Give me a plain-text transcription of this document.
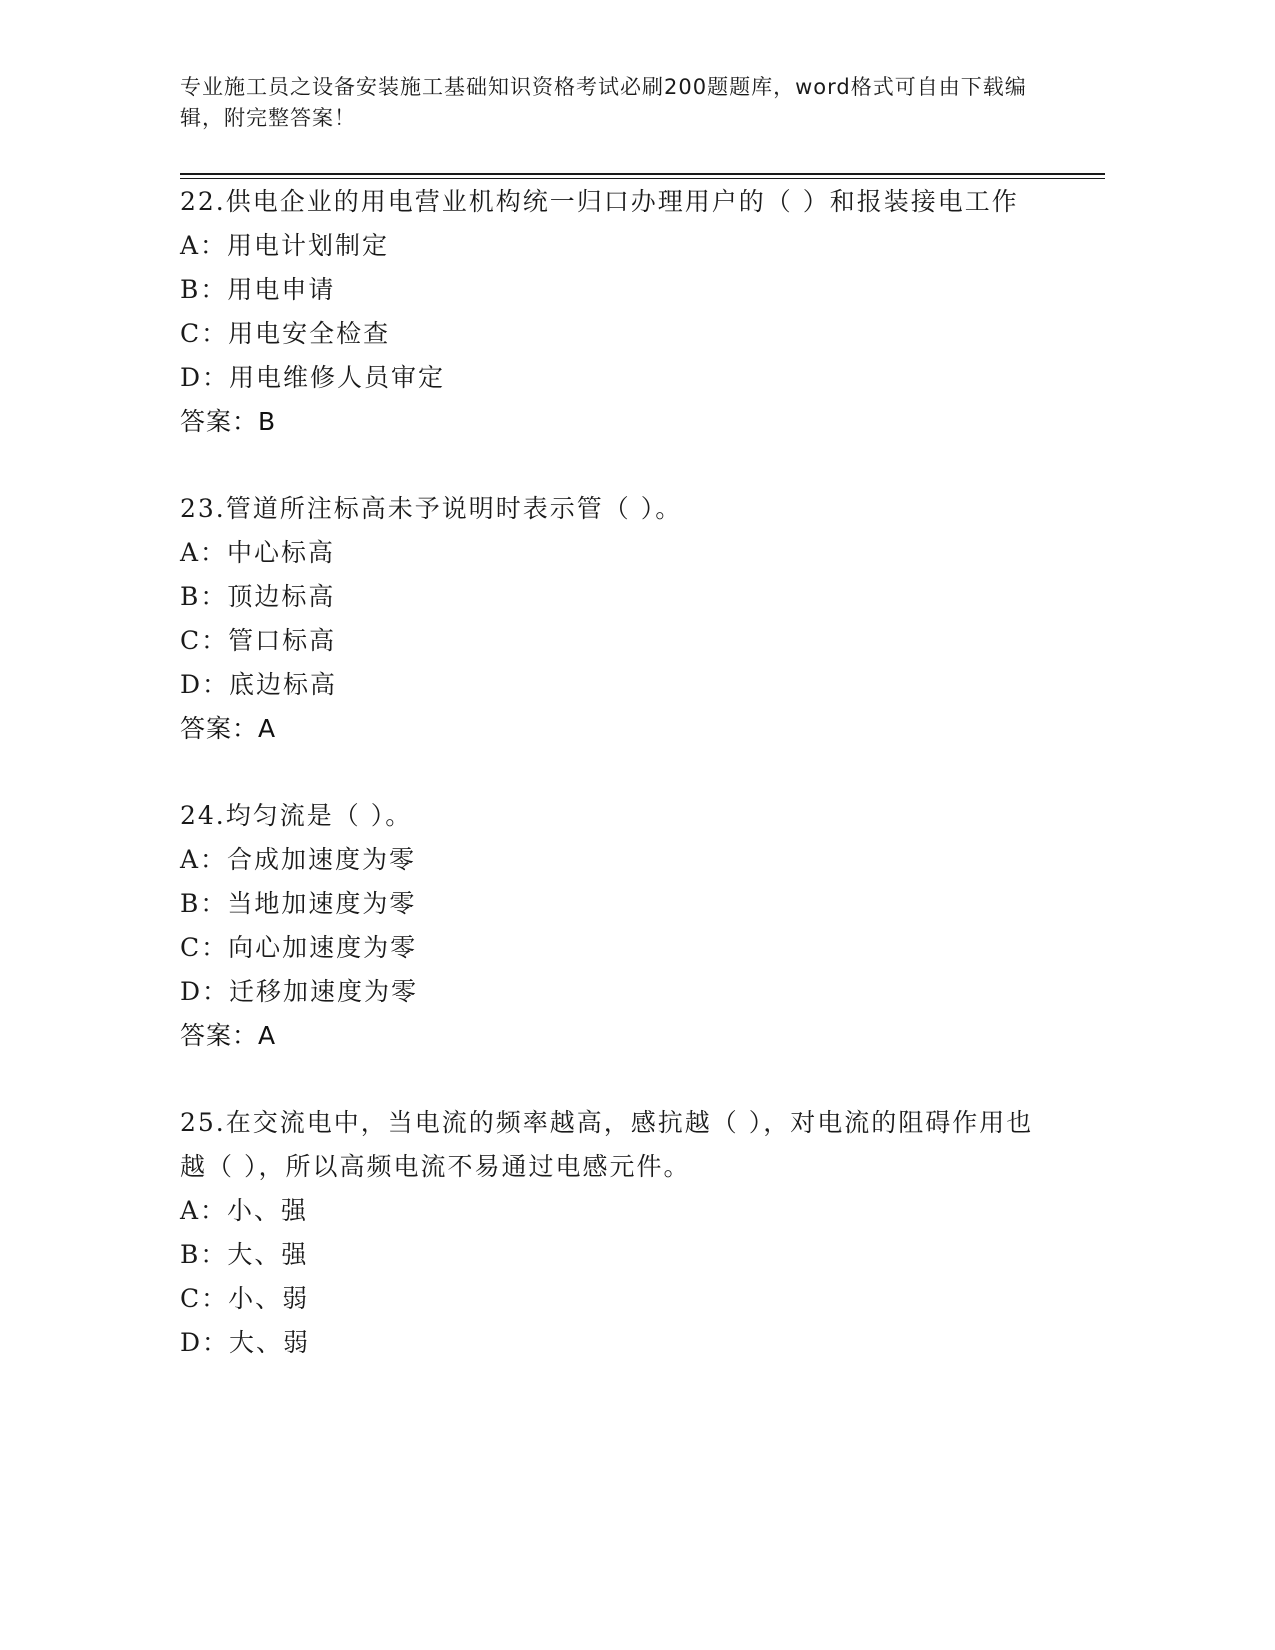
专业施工员之设备安装施工基础知识资格考试必刷200题题库，word格式可自由下载编辑，附完整答案！

22.供电企业的用电营业机构统一归口办理用户的（ ）和报装接电工作

A：用电计划制定

B：用电申请

C：用电安全检查

D：用电维修人员审定

答案：B

23.管道所注标高未予说明时表示管（ ）。

A：中心标高

B：顶边标高

C：管口标高

D：底边标高

答案：A

24.均匀流是（ ）。

A：合成加速度为零

B：当地加速度为零

C：向心加速度为零

D：迁移加速度为零

答案：A

25.在交流电中，当电流的频率越高，感抗越（ ），对电流的阻碍作用也越（ ），所以高频电流不易通过电感元件。

A：小、强

B：大、强

C：小、弱

D：大、弱
